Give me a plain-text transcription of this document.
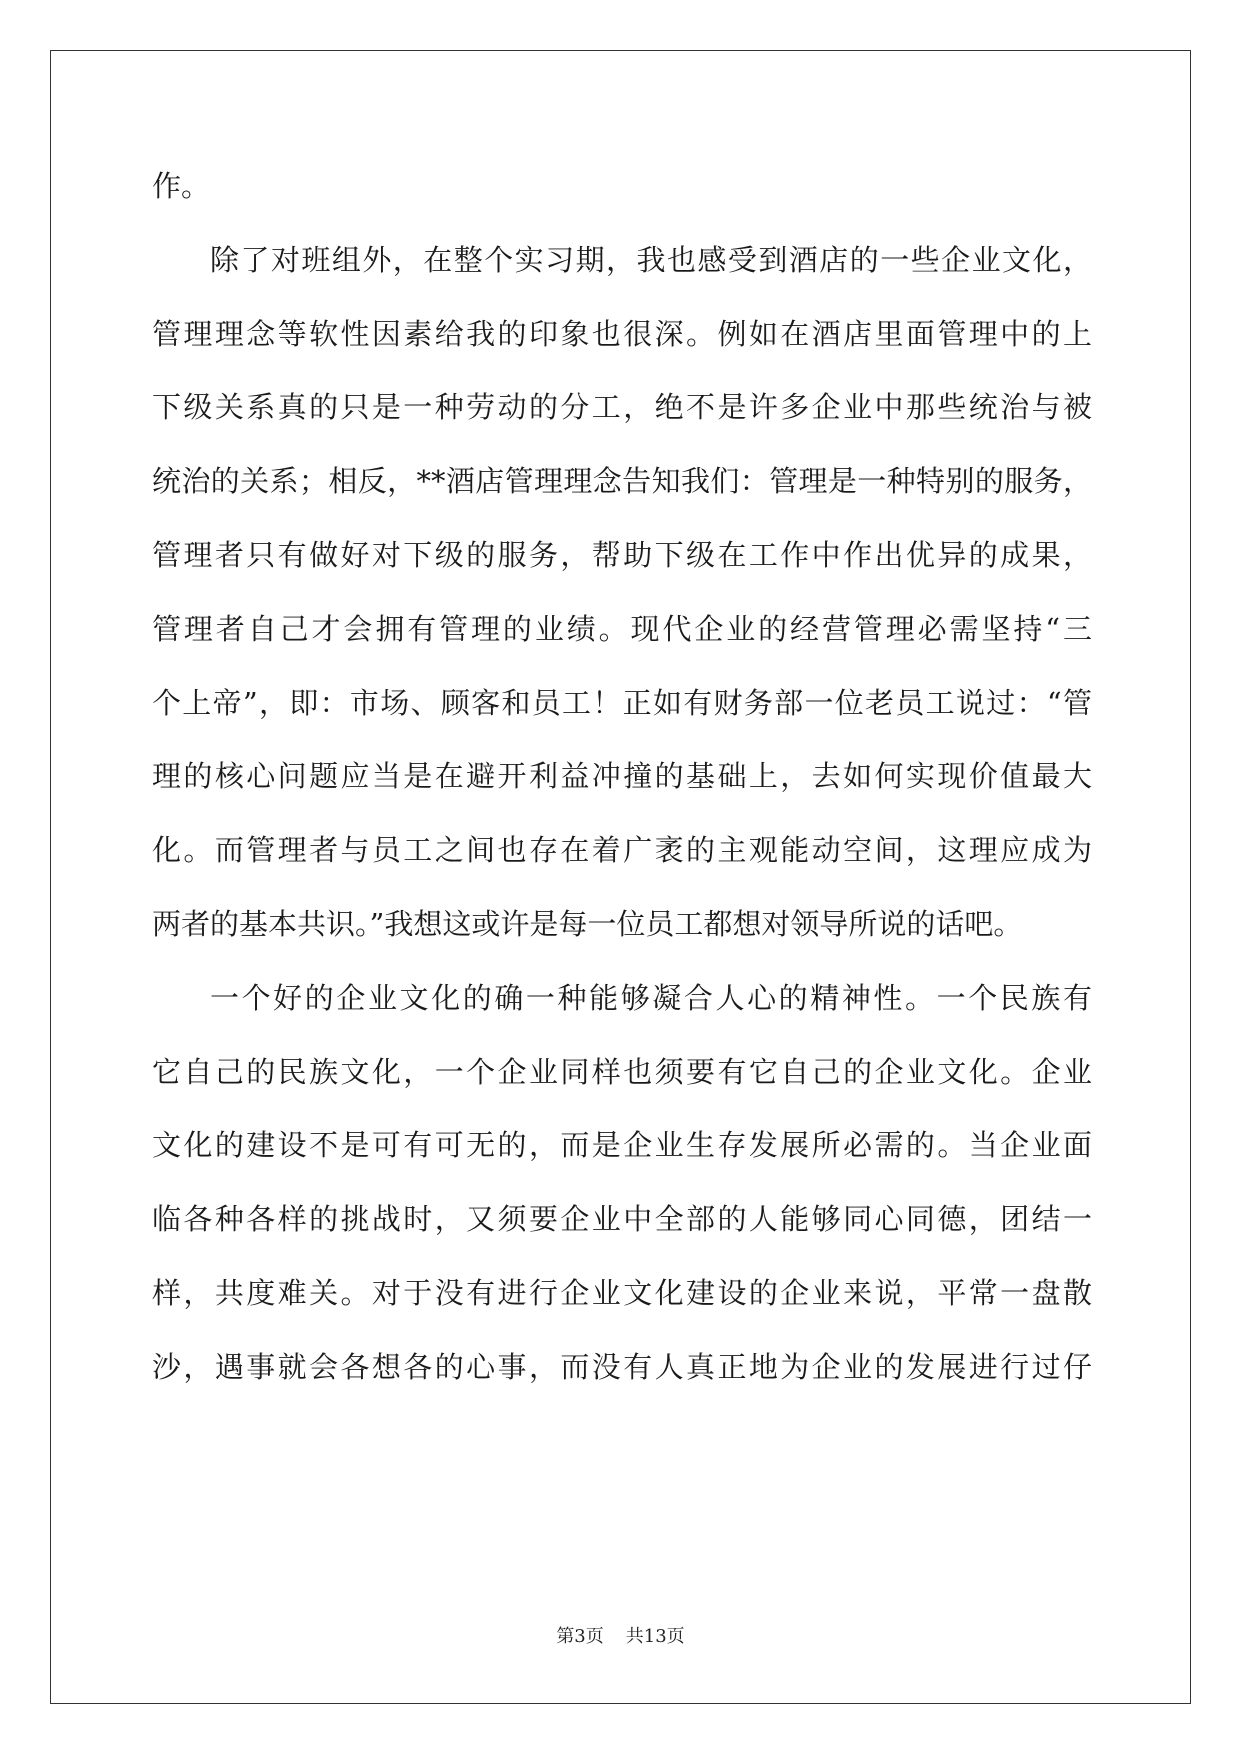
作。
除了对班组外，在整个实习期，我也感受到酒店的一些企业文化，
管理理念等软性因素给我的印象也很深。例如在酒店里面管理中的上
下级关系真的只是一种劳动的分工，绝不是许多企业中那些统治与被
统治的关系；相反，**酒店管理理念告知我们：管理是一种特别的服务，
管理者只有做好对下级的服务，帮助下级在工作中作出优异的成果，
管理者自己才会拥有管理的业绩。现代企业的经营管理必需坚持“三
个上帝”，即：市场、顾客和员工！正如有财务部一位老员工说过：“管
理的核心问题应当是在避开利益冲撞的基础上，去如何实现价值最大
化。而管理者与员工之间也存在着广袤的主观能动空间，这理应成为
两者的基本共识。”我想这或许是每一位员工都想对领导所说的话吧。
一个好的企业文化的确一种能够凝合人心的精神性。一个民族有
它自己的民族文化，一个企业同样也须要有它自己的企业文化。企业
文化的建设不是可有可无的，而是企业生存发展所必需的。当企业面
临各种各样的挑战时，又须要企业中全部的人能够同心同德，团结一
样，共度难关。对于没有进行企业文化建设的企业来说，平常一盘散
沙，遇事就会各想各的心事，而没有人真正地为企业的发展进行过仔
第3页 共13页
